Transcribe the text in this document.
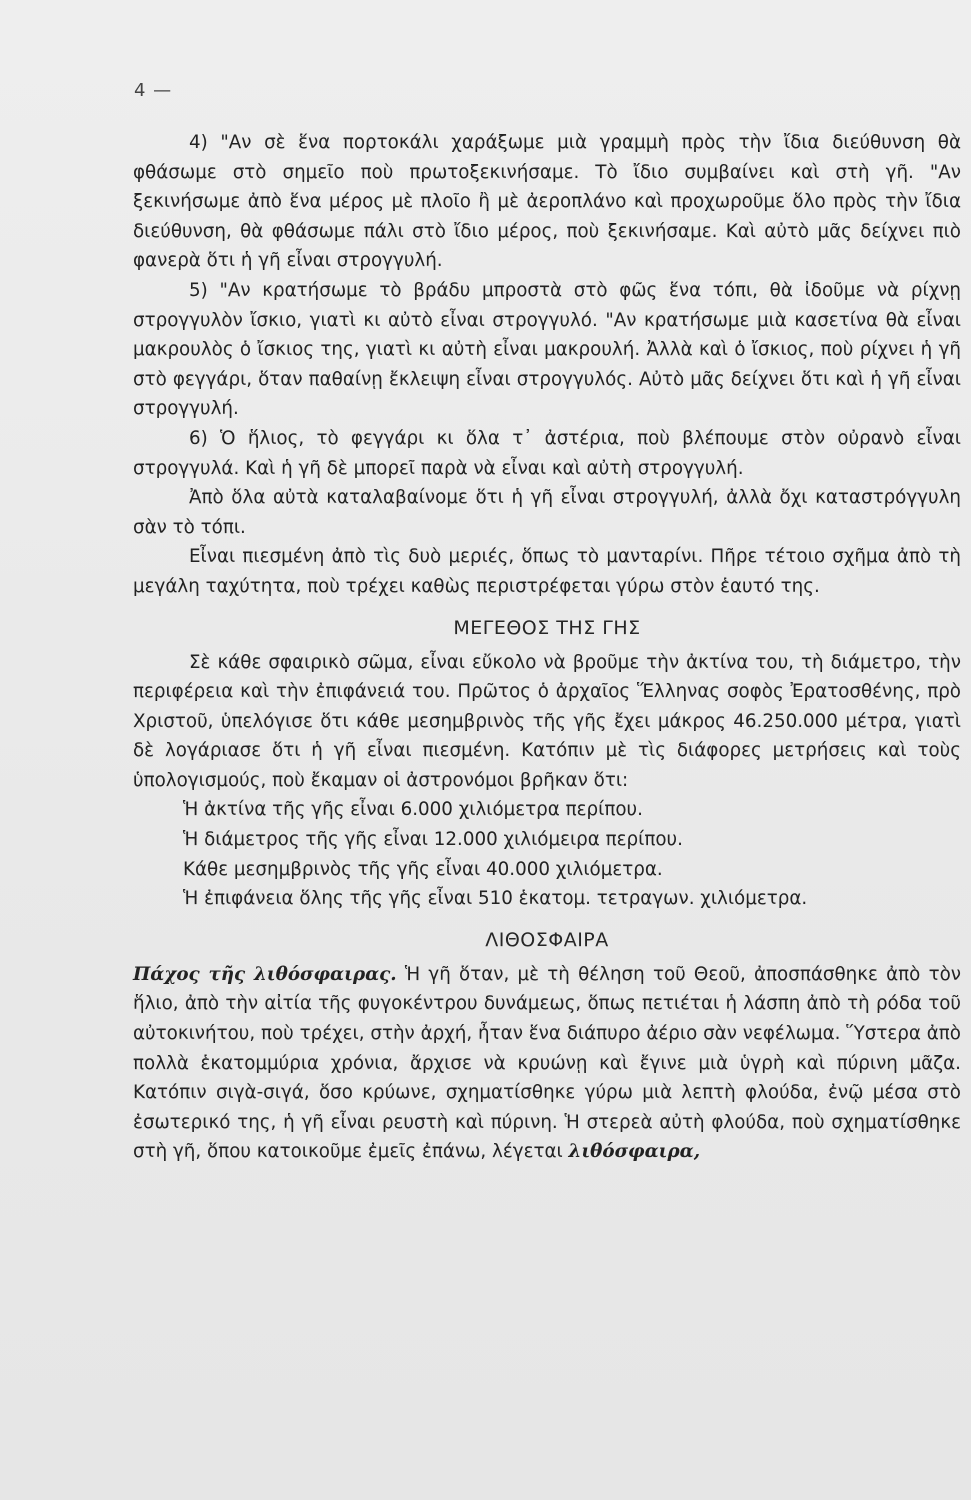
4 —

4) "Αν σὲ ἕνα πορτοκάλι χαράξωμε μιὰ γραμμὴ πρὸς τὴν ἴδια διεύθυνση θὰ φθάσωμε στὸ σημεῖο ποὺ πρωτοξεκινήσαμε. Τὸ ἴδιο συμβαίνει καὶ στὴ γῆ. "Αν ξεκινήσωμε ἀπὸ ἕνα μέρος μὲ πλοῖο ἢ μὲ ἀεροπλάνο καὶ προχωροῦμε ὅλο πρὸς τὴν ἴδια διεύθυνση, θὰ φθάσωμε πάλι στὸ ἴδιο μέρος, ποὺ ξεκινήσαμε. Καὶ αὐτὸ μᾶς δείχνει πιὸ φανερὰ ὅτι ἡ γῆ εἶναι στρογγυλή.

5) "Αν κρατήσωμε τὸ βράδυ μπροστὰ στὸ φῶς ἕνα τόπι, θὰ ἰδοῦμε νὰ ρίχνῃ στρογγυλὸν ἴσκιο, γιατὶ κι αὐτὸ εἶναι στρογγυλό. "Αν κρατήσωμε μιὰ κασετίνα θὰ εἶναι μακρουλὸς ὁ ἴσκιος της, γιατὶ κι αὐτὴ εἶναι μακρουλή. Ἀλλὰ καὶ ὁ ἴσκιος, ποὺ ρίχνει ἡ γῆ στὸ φεγγάρι, ὅταν παθαίνῃ ἔκλειψη εἶναι στρογγυλός. Αὐτὸ μᾶς δείχνει ὅτι καὶ ἡ γῆ εἶναι στρογγυλή.

6) Ὁ ἥλιος, τὸ φεγγάρι κι ὅλα τ᾽ ἀστέρια, ποὺ βλέπουμε στὸν οὐρανὸ εἶναι στρογγυλά. Καὶ ἡ γῆ δὲ μπορεῖ παρὰ νὰ εἶναι καὶ αὐτὴ στρογγυλή.

Ἀπὸ ὅλα αὐτὰ καταλαβαίνομε ὅτι ἡ γῆ εἶναι στρογγυλή, ἀλλὰ ὄχι καταστρόγγυλη σὰν τὸ τόπι.

Εἶναι πιεσμένη ἀπὸ τὶς δυὸ μεριές, ὅπως τὸ μανταρίνι. Πῆρε τέτοιο σχῆμα ἀπὸ τὴ μεγάλη ταχύτητα, ποὺ τρέχει καθὼς περιστρέφεται γύρω στὸν ἑαυτό της.

ΜΕΓΕΘΟΣ ΤΗΣ ΓΗΣ

Σὲ κάθε σφαιρικὸ σῶμα, εἶναι εὔκολο νὰ βροῦμε τὴν ἀκτίνα του, τὴ διάμετρο, τὴν περιφέρεια καὶ τὴν ἐπιφάνειά του. Πρῶτος ὁ ἀρχαῖος Ἕλληνας σοφὸς Ἐρατοσθένης, πρὸ Χριστοῦ, ὑπελόγισε ὅτι κάθε μεσημβρινὸς τῆς γῆς ἔχει μάκρος 46.250.000 μέτρα, γιατὶ δὲ λογάριασε ὅτι ἡ γῆ εἶναι πιεσμένη. Κατόπιν μὲ τὶς διάφορες μετρήσεις καὶ τοὺς ὑπολογισμούς, ποὺ ἔκαμαν οἱ ἀστρονόμοι βρῆκαν ὅτι:

Ἡ ἀκτίνα τῆς γῆς εἶναι 6.000 χιλιόμετρα περίπου.

Ἡ διάμετρος τῆς γῆς εἶναι 12.000 χιλιόμειρα περίπου.

Κάθε μεσημβρινὸς τῆς γῆς εἶναι 40.000 χιλιόμετρα.

Ἡ ἐπιφάνεια ὅλης τῆς γῆς εἶναι 510 ἑκατομ. τετραγων. χιλιόμετρα.

ΛΙΘΟΣΦΑΙΡΑ

Πάχος τῆς λιθόσφαιρας. Ἡ γῆ ὅταν, μὲ τὴ θέληση τοῦ Θεοῦ, ἀποσπάσθηκε ἀπὸ τὸν ἥλιο, ἀπὸ τὴν αἰτία τῆς φυγοκέντρου δυνάμεως, ὅπως πετιέται ἡ λάσπη ἀπὸ τὴ ρόδα τοῦ αὐτοκινήτου, ποὺ τρέχει, στὴν ἀρχή, ἦταν ἕνα διάπυρο ἀέριο σὰν νεφέλωμα. Ὕστερα ἀπὸ πολλὰ ἑκατομμύρια χρόνια, ἄρχισε νὰ κρυώνῃ καὶ ἔγινε μιὰ ὑγρὴ καὶ πύρινη μᾶζα. Κατόπιν σιγὰ-σιγά, ὅσο κρύωνε, σχηματίσθηκε γύρω μιὰ λεπτὴ φλούδα, ἐνῷ μέσα στὸ ἐσωτερικό της, ἡ γῆ εἶναι ρευστὴ καὶ πύρινη. Ἡ στερεὰ αὐτὴ φλούδα, ποὺ σχηματίσθηκε στὴ γῆ, ὅπου κατοικοῦμε ἐμεῖς ἐπάνω, λέγεται λιθόσφαιρα,
